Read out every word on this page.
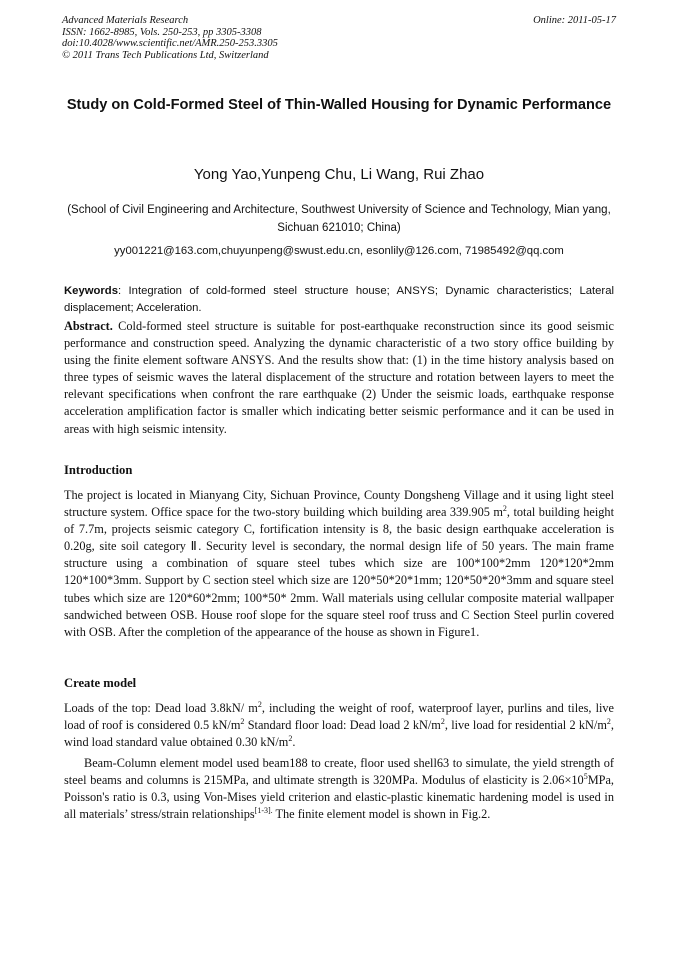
Advanced Materials Research
ISSN: 1662-8985, Vols. 250-253, pp 3305-3308
doi:10.4028/www.scientific.net/AMR.250-253.3305
© 2011 Trans Tech Publications Ltd, Switzerland
Online: 2011-05-17
Study on Cold-Formed Steel of Thin-Walled Housing for Dynamic Performance
Yong Yao,Yunpeng Chu, Li Wang, Rui Zhao
(School of Civil Engineering and Architecture, Southwest University of Science and Technology, Mian yang, Sichuan 621010; China)
yy001221@163.com,chuyunpeng@swust.edu.cn, esonlily@126.com, 71985492@qq.com
Keywords: Integration of cold-formed steel structure house; ANSYS; Dynamic characteristics; Lateral displacement; Acceleration.
Abstract. Cold-formed steel structure is suitable for post-earthquake reconstruction since its good seismic performance and construction speed. Analyzing the dynamic characteristic of a two story office building by using the finite element software ANSYS. And the results show that: (1) in the time history analysis based on three types of seismic waves the lateral displacement of the structure and rotation between layers to meet the relevant specifications when confront the rare earthquake (2) Under the seismic loads, earthquake response acceleration amplification factor is smaller which indicating better seismic performance and it can be used in areas with high seismic intensity.
Introduction
The project is located in Mianyang City, Sichuan Province, County Dongsheng Village and it using light steel structure system. Office space for the two-story building which building area 339.905 $m^2$, total building height of 7.7m, projects seismic category C, fortification intensity is 8, the basic design earthquake acceleration is 0.20g, site soil category Ⅱ. Security level is secondary, the normal design life of 50 years. The main frame structure using a combination of square steel tubes which size are 100*100*2mm 120*120*2mm 120*100*3mm. Support by C section steel which size are 120*50*20*1mm; 120*50*20*3mm and square steel tubes which size are 120*60*2mm; 100*50* 2mm. Wall materials using cellular composite material wallpaper sandwiched between OSB. House roof slope for the square steel roof truss and C Section Steel purlin covered with OSB. After the completion of the appearance of the house as shown in Figure1.
Create model
Loads of the top: Dead load 3.8kN/ $m^2$, including the weight of roof, waterproof layer, purlins and tiles, live load of roof is considered 0.5 $kN/m^2$ Standard floor load: Dead load 2 $kN/m^2$, live load for residential 2 $kN/m^2$, wind load standard value obtained 0.30 $kN/m^2$.
Beam-Column element model used beam188 to create, floor used shell63 to simulate, the yield strength of steel beams and columns is 215MPa, and ultimate strength is 320MPa. Modulus of elasticity is $2.06\times 10^5MPa$, Poisson's ratio is 0.3, using Von-Mises yield criterion and elastic-plastic kinematic hardening model is used in all materials’ stress/strain relationships$^{[1-3].}$ The finite element model is shown in Fig.2.
